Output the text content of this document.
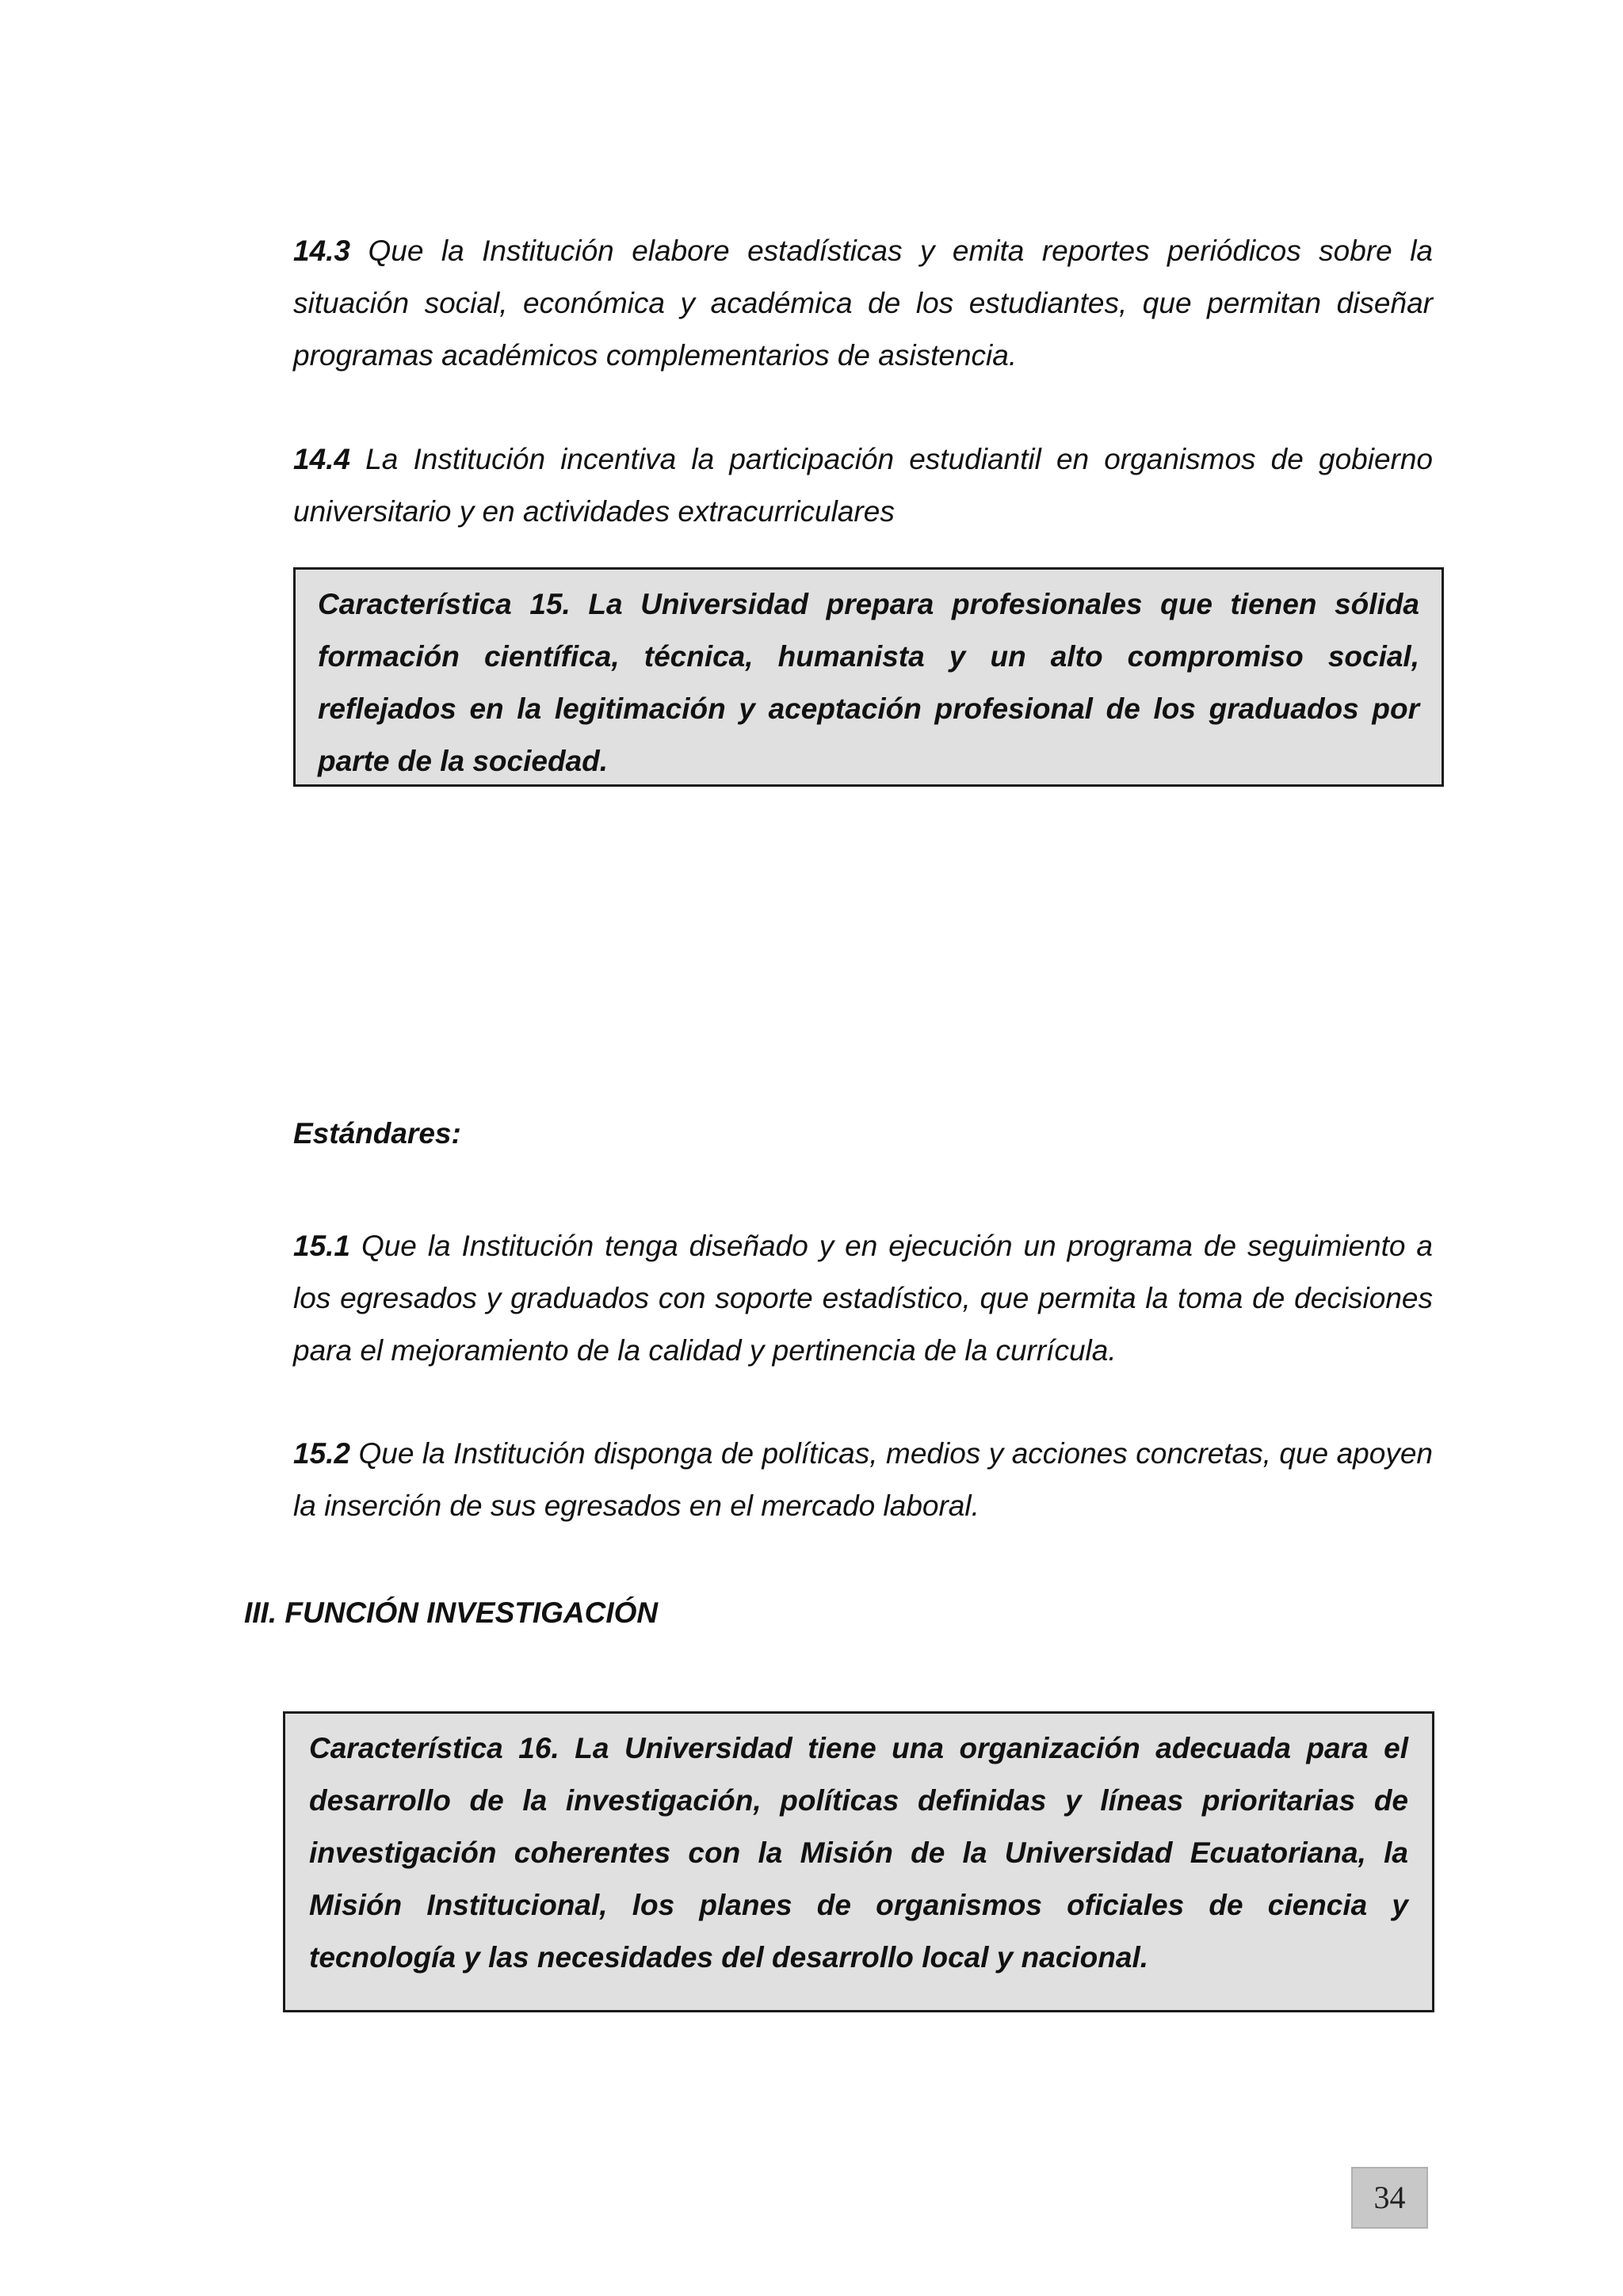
14.3 Que la Institución elabore estadísticas y emita reportes periódicos sobre la situación social, económica y académica de los estudiantes, que permitan diseñar programas académicos complementarios de asistencia.

14.4 La Institución incentiva la participación estudiantil en organismos de gobierno universitario y en actividades extracurriculares

Característica 15. La Universidad prepara profesionales que tienen sólida formación científica, técnica, humanista y un alto compromiso social, reflejados en la legitimación y aceptación profesional de los graduados por parte de la sociedad.

Estándares:

15.1 Que la Institución tenga diseñado y en ejecución un programa de seguimiento a los egresados y graduados con soporte estadístico, que permita la toma de decisiones para el mejoramiento de la calidad y pertinencia de la currícula.

15.2 Que la Institución disponga de políticas, medios y acciones concretas, que apoyen la inserción de sus egresados en el mercado laboral.

III. FUNCIÓN INVESTIGACIÓN

Característica 16. La Universidad tiene una organización adecuada para el desarrollo de la investigación, políticas definidas y líneas prioritarias de investigación coherentes con la Misión de la Universidad Ecuatoriana, la Misión Institucional, los planes de organismos oficiales de ciencia y tecnología y las necesidades del desarrollo local y nacional.

34
